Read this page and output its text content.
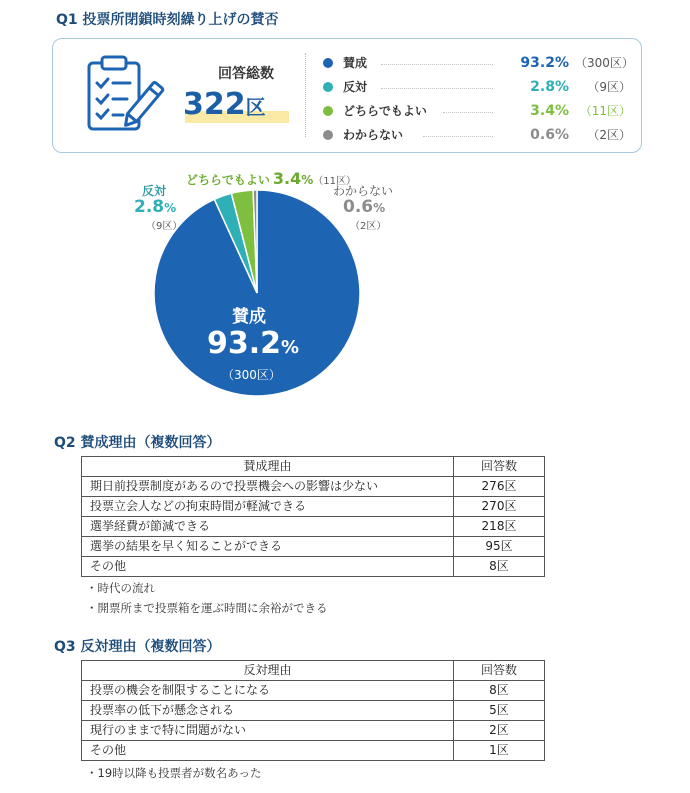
Q1 投票所閉鎖時刻繰り上げの賛否
回答総数
322区
賛成	93.2% （300区）
反対	2.8%	（9区）
どちらでもよい	3.4% （11区）
わからない	0.6%	（2区）
反対
2.8%
（9区）
どちらでもよい 3.4%（11区）
わからない
0.6%
（2区）
賛成
93.2%
（300区）
Q2 賛成理由（複数回答）
賛成理由	回答数
期日前投票制度があるので投票機会への影響は少ない	276区
投票立会人などの拘束時間が軽減できる	270区
選挙経費が節減できる	218区
選挙の結果を早く知ることができる	95区
その他	8区
・時代の流れ
・開票所まで投票箱を運ぶ時間に余裕ができる
Q3 反対理由（複数回答）
反対理由	回答数
投票の機会を制限することになる	8区
投票率の低下が懸念される	5区
現行のままで特に問題がない	2区
その他	1区
・19時以降も投票者が数名あった
